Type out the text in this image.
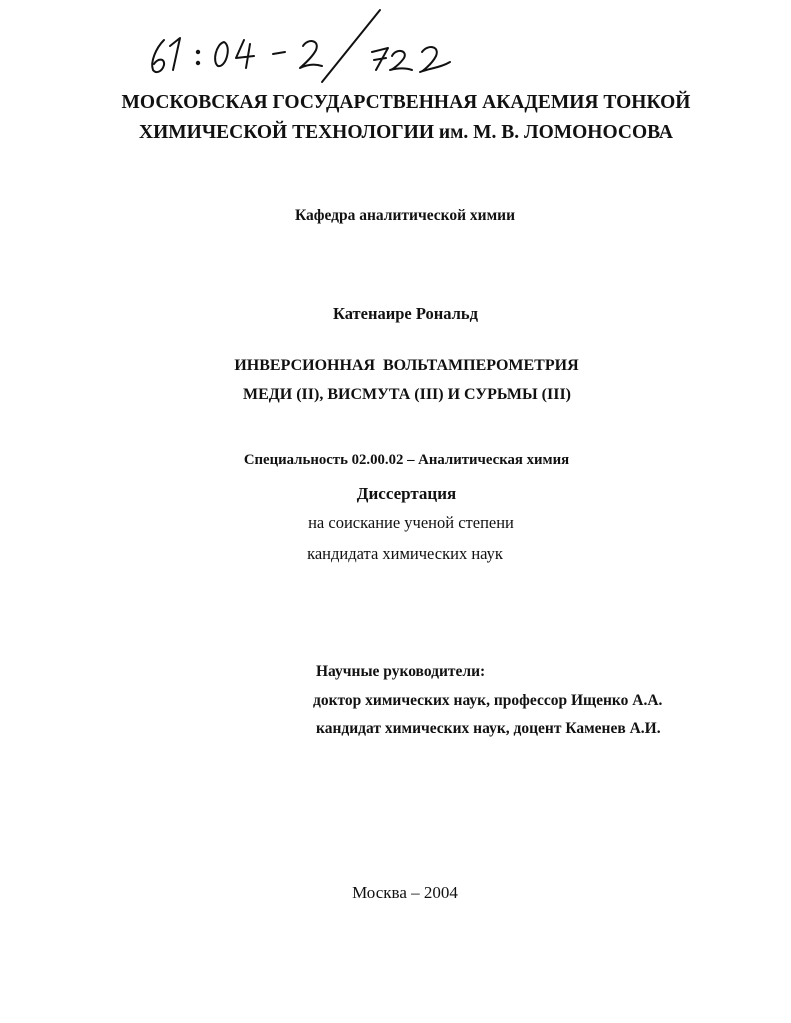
МОСКОВСКАЯ ГОСУДАРСТВЕННАЯ АКАДЕМИЯ ТОНКОЙ
ХИМИЧЕСКОЙ ТЕХНОЛОГИИ им. М. В. ЛОМОНОСОВА
Кафедра аналитической химии
Катенаире Рональд
ИНВЕРСИОННАЯ  ВОЛЬТАМПЕРОМЕТРИЯ
МЕДИ (II), ВИСМУТА (III) И СУРЬМЫ (III)
Специальность 02.00.02 – Аналитическая химия
Диссертация
на соискание ученой степени
кандидата химических наук
Научные руководители:
доктор химических наук, профессор Ищенко А.А.
кандидат химических наук, доцент Каменев А.И.
Москва – 2004
